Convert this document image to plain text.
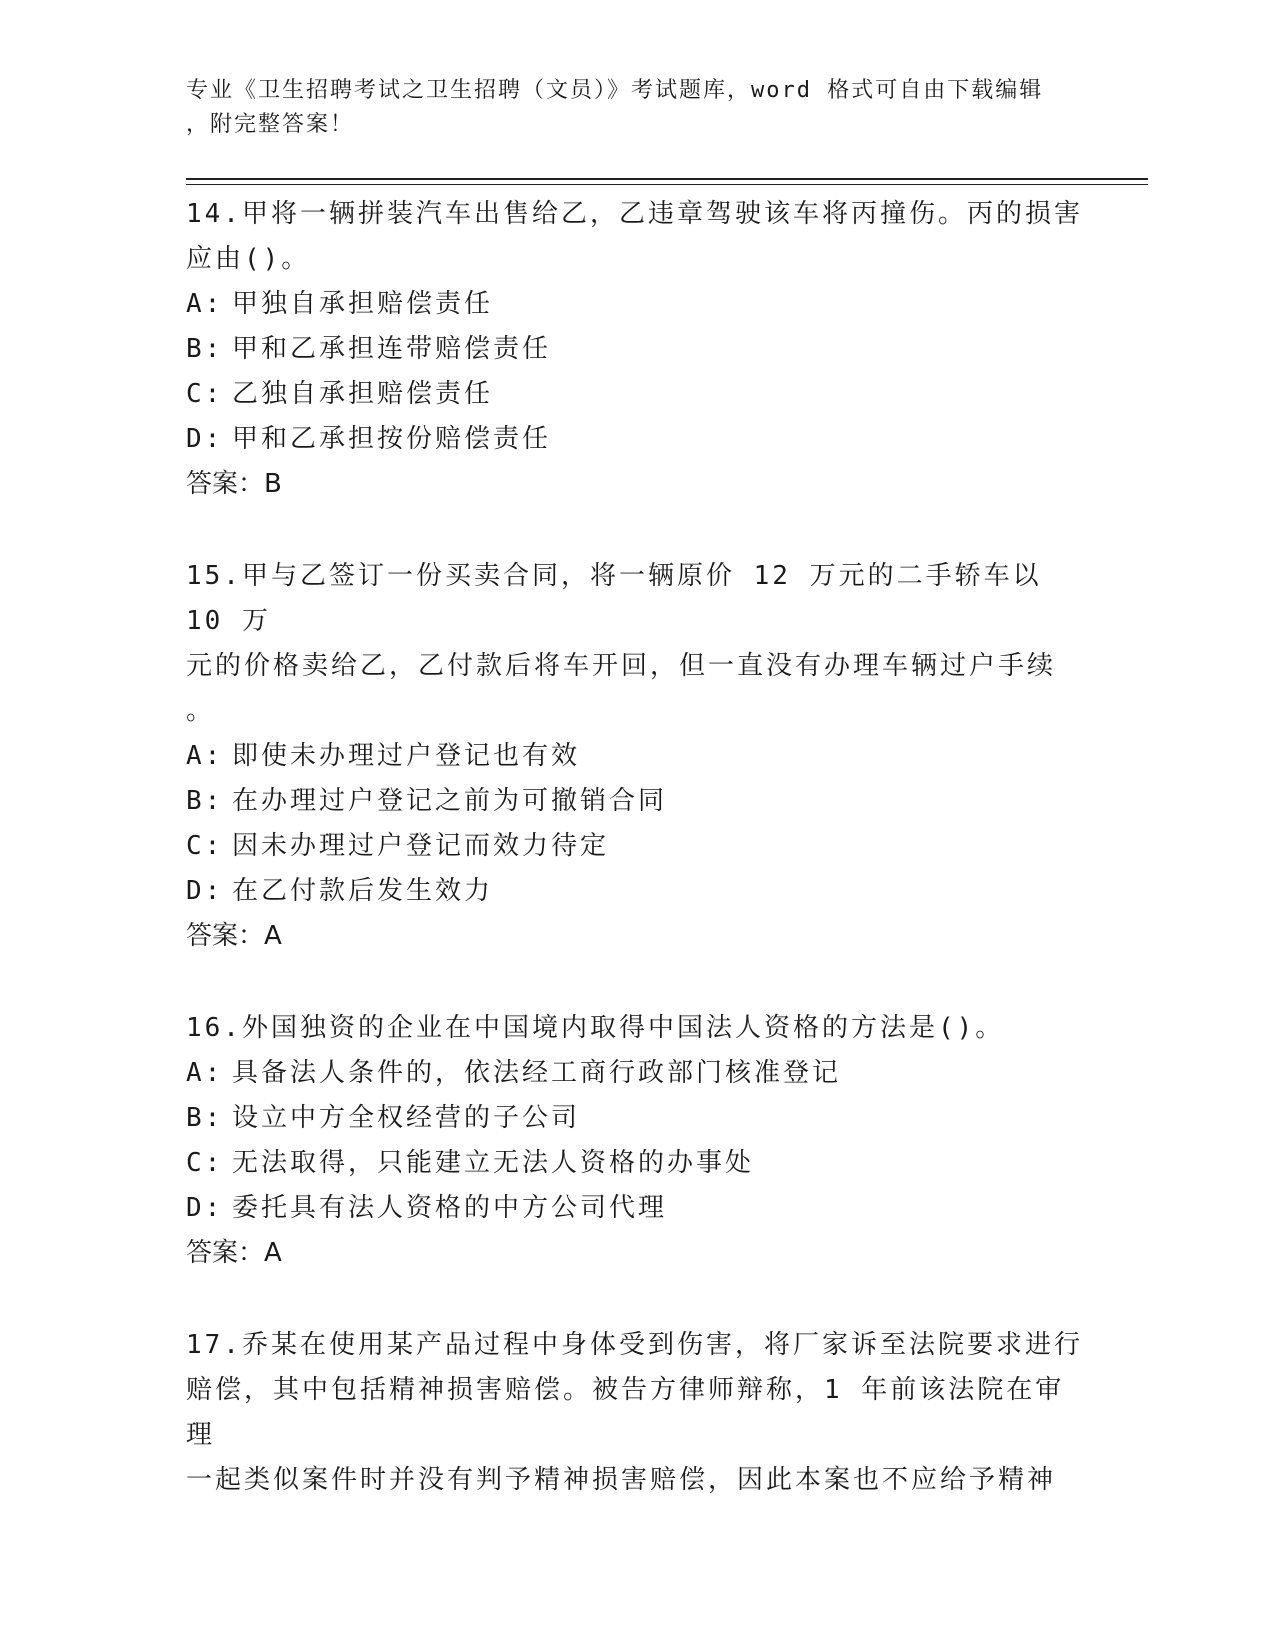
专业《卫生招聘考试之卫生招聘（文员）》考试题库，word 格式可自由下载编辑
，附完整答案！
14.甲将一辆拼装汽车出售给乙，乙违章驾驶该车将丙撞伤。丙的损害
应由()。
A: 甲独自承担赔偿责任
B: 甲和乙承担连带赔偿责任
C: 乙独自承担赔偿责任
D: 甲和乙承担按份赔偿责任
答案：B
15.甲与乙签订一份买卖合同，将一辆原价 12 万元的二手轿车以 10 万
元的价格卖给乙，乙付款后将车开回，但一直没有办理车辆过户手续
。
A: 即使未办理过户登记也有效
B: 在办理过户登记之前为可撤销合同
C: 因未办理过户登记而效力待定
D: 在乙付款后发生效力
答案：A
16.外国独资的企业在中国境内取得中国法人资格的方法是()。
A: 具备法人条件的，依法经工商行政部门核准登记
B: 设立中方全权经营的子公司
C: 无法取得，只能建立无法人资格的办事处
D: 委托具有法人资格的中方公司代理
答案：A
17.乔某在使用某产品过程中身体受到伤害，将厂家诉至法院要求进行
赔偿，其中包括精神损害赔偿。被告方律师辩称，1 年前该法院在审理
一起类似案件时并没有判予精神损害赔偿，因此本案也不应给予精神
